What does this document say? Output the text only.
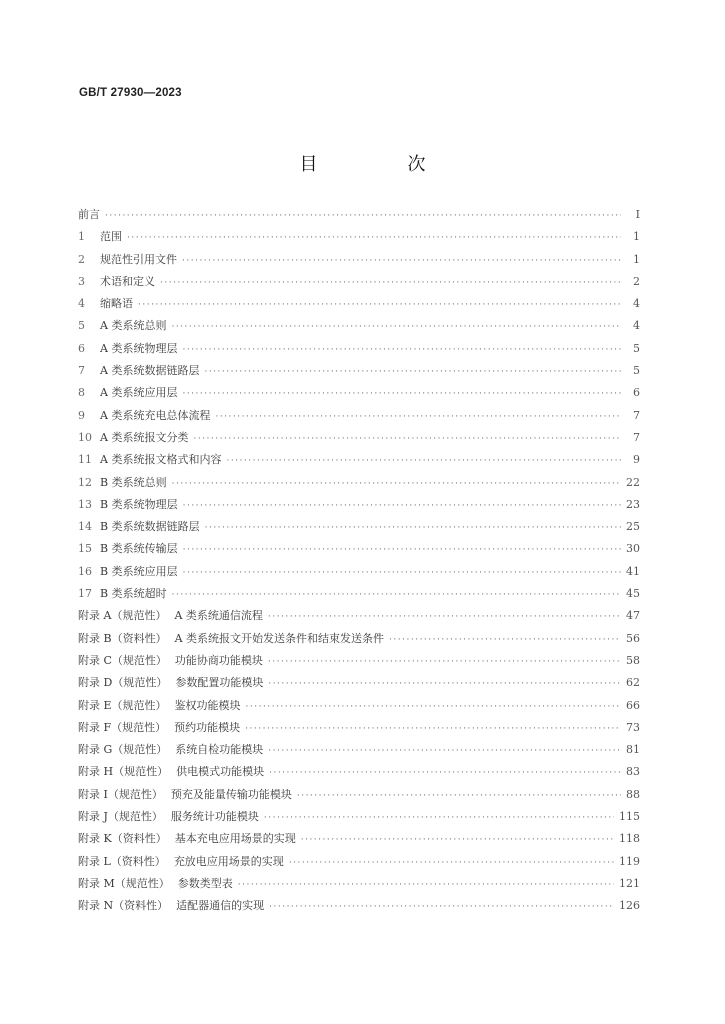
GB/T 27930—2023
目　次
前言 ·····	Ⅰ
1 范围 ·····	1
2 规范性引用文件 ·····	1
3 术语和定义 ·····	2
4 缩略语 ·····	4
5 A 类系统总则 ·····	4
6 A 类系统物理层 ·····	5
7 A 类系统数据链路层 ·····	5
8 A 类系统应用层 ·····	6
9 A 类系统充电总体流程 ·····	7
10 A 类系统报文分类 ·····	7
11 A 类系统报文格式和内容 ·····	9
12 B 类系统总则 ·····	22
13 B 类系统物理层 ·····	23
14 B 类系统数据链路层 ·····	25
15 B 类系统传输层 ·····	30
16 B 类系统应用层 ·····	41
17 B 类系统超时 ·····	45
附录 A（规范性） A 类系统通信流程 ·····	47
附录 B（资料性） A 类系统报文开始发送条件和结束发送条件 ·····	56
附录 C（规范性） 功能协商功能模块 ·····	58
附录 D（规范性） 参数配置功能模块 ·····	62
附录 E（规范性） 鉴权功能模块 ·····	66
附录 F（规范性） 预约功能模块 ·····	73
附录 G（规范性） 系统自检功能模块 ·····	81
附录 H（规范性） 供电模式功能模块 ·····	83
附录 I（规范性） 预充及能量传输功能模块 ·····	88
附录 J（规范性） 服务统计功能模块 ·····	115
附录 K（资料性） 基本充电应用场景的实现 ·····	118
附录 L（资料性） 充放电应用场景的实现 ·····	119
附录 M（规范性） 参数类型表 ·····	121
附录 N（资料性） 适配器通信的实现 ·····	126
